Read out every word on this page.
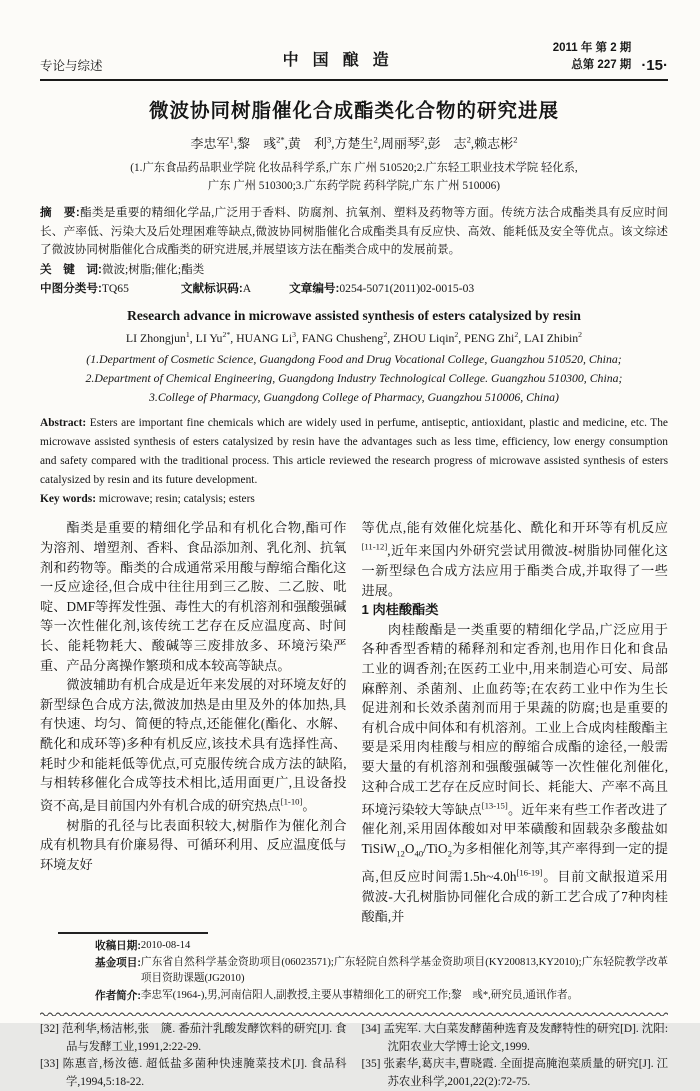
专论与综述	中国酿造
2011 年 第 2 期
总第 227 期 ·15·
微波协同树脂催化合成酯类化合物的研究进展
李忠军$^1$,黎　彧$^{2*}$,黄　利$^3$,方楚生$^2$,周丽琴$^2$,彭　志$^2$,赖志彬$^2$
(1.广东食品药品职业学院 化妆品科学系,广东 广州 510520;2.广东轻工职业技术学院 轻化系,
广东 广州 510300;3.广东药学院 药科学院,广东 广州 510006)

摘　要:酯类是重要的精细化学品,广泛用于香料、防腐剂、抗氧剂、塑料及药物等方面。传统方法合成酯类具有反应时间长、产率低、污染大及后处理困难等缺点,微波协同树脂催化合成酯类具有反应快、高效、能耗低及安全等优点。该文综述了微波协同树脂催化合成酯类的研究进展,并展望该方法在酯类合成中的发展前景。

关　键　词:微波;树脂;催化;酯类

中图分类号:TQ65	文献标识码:A	文章编号:0254-5071(2011)02-0015-03
Research advance in microwave assisted synthesis of esters catalysized by resin
LI Zhongjun$^1$, LI $Yu^{2*}$, HUANG Li$^3$, FANG Chusheng$^2$, ZHOU Liqin$^2$, PENG Zhi$^2$, LAI Zhibin$^2$
(1.Department of Cosmetic Science, Guangdong Food and Drug Vocational College, Guangzhou 510520, China;
2.Department of Chemical Engineering, Guangdong Industry Technological College. Guangzhou 510300, China;
3.College of Pharmacy, Guangdong College of Pharmacy, Guangzhou 510006, China)

Abstract: Esters are important fine chemicals which are widely used in perfume, antiseptic, antioxidant, plastic and medicine, etc. The microwave assisted synthesis of esters catalysized by resin have the advantages such as less time, efficiency, low energy consumption and safety compared with the traditional process. This article reviewed the research progress of microwave assisted synthesis of esters catalysized by resin and its future development.

Key words: microwave; resin; catalysis; esters

酯类是重要的精细化学品和有机化合物,酯可作为溶剂、增塑剂、香料、食品添加剂、乳化剂、抗氧剂和药物等。酯类的合成通常采用酸与醇缩合酯化这一反应途径,但合成中往往用到三乙胺、二乙胺、吡啶、DMF等挥发性强、毒性大的有机溶剂和强酸强碱等一次性催化剂,该传统工艺存在反应温度高、时间长、能耗物耗大、酸碱等三废排放多、环境污染严重、产品分离操作繁琐和成本较高等缺点。

微波辅助有机合成是近年来发展的对环境友好的新型绿色合成方法,微波加热是由里及外的体加热,具有快速、均匀、简便的特点,还能催化(酯化、水解、酰化和成环等)多种有机反应,该技术具有选择性高、耗时少和能耗低等优点,可克服传统合成方法的缺陷,与相转移催化合成等技术相比,适用面更广,且设备投资不高,是目前国内外有机合成的研究热点[1-10]。

树脂的孔径与比表面积较大,树脂作为催化剂合成有机物具有价廉易得、可循环利用、反应温度低与环境友好

等优点,能有效催化烷基化、酰化和开环等有机反应[11-12],近年来国内外研究尝试用微波-树脂协同催化这一新型绿色合成方法应用于酯类合成,并取得了一些进展。

1 肉桂酸酯类

肉桂酸酯是一类重要的精细化学品,广泛应用于各种香型香精的稀释剂和定香剂,也用作日化和食品工业的调香剂;在医药工业中,用来制造心可安、局部麻醉剂、杀菌剂、止血药等;在农药工业中作为生长促进剂和长效杀菌剂而用于果蔬的防腐;也是重要的有机合成中间体和有机溶剂。工业上合成肉桂酸酯主要是采用肉桂酸与相应的醇缩合成酯的途径,一般需要大量的有机溶剂和强酸强碱等一次性催化剂催化,这种合成工艺存在反应时间长、耗能大、产率不高且环境污染较大等缺点[13-15]。近年来有些工作者改进了催化剂,采用固体酸如对甲苯磺酸和固载杂多酸盐如$TiSiW_{12}O_{40}/TiO_2$为多相催化剂等,其产率得到一定的提高,但反应时间需1.5h~4.0h[16-19]。目前文献报道采用微波-大孔树脂协同催化合成的新工艺合成了7种肉桂酸酯,并

收稿日期: 2010-08-14
基金项目: 广东省自然科学基金资助项目(06023571);广东轻院自然科学基金资助项目(KY200813,KY2010);广东轻院教学改革项目资助课题(JG2010)
作者简介: 李忠军(1964-),男,河南信阳人,副教授,主要从事精细化工的研究工作;黎　彧*,研究员,通讯作者。

[32] 范利华,杨洁彬,张　篪. 番茄汁乳酸发酵饮料的研究[J]. 食品与发酵工业,1991,2:22-29.

[33] 陈惠音,杨汝德. 超低盐多菌种快速腌菜技术[J]. 食品科学,1994,5:18-22.

[34] 孟宪军. 大白菜发酵菌种选育及发酵特性的研究[D]. 沈阳:沈阳农业大学博士论文,1999.

[35] 张素华,葛庆丰,曹晓霞. 全面提高腌泡菜质量的研究[J]. 江苏农业科学,2001,22(2):72-75.
